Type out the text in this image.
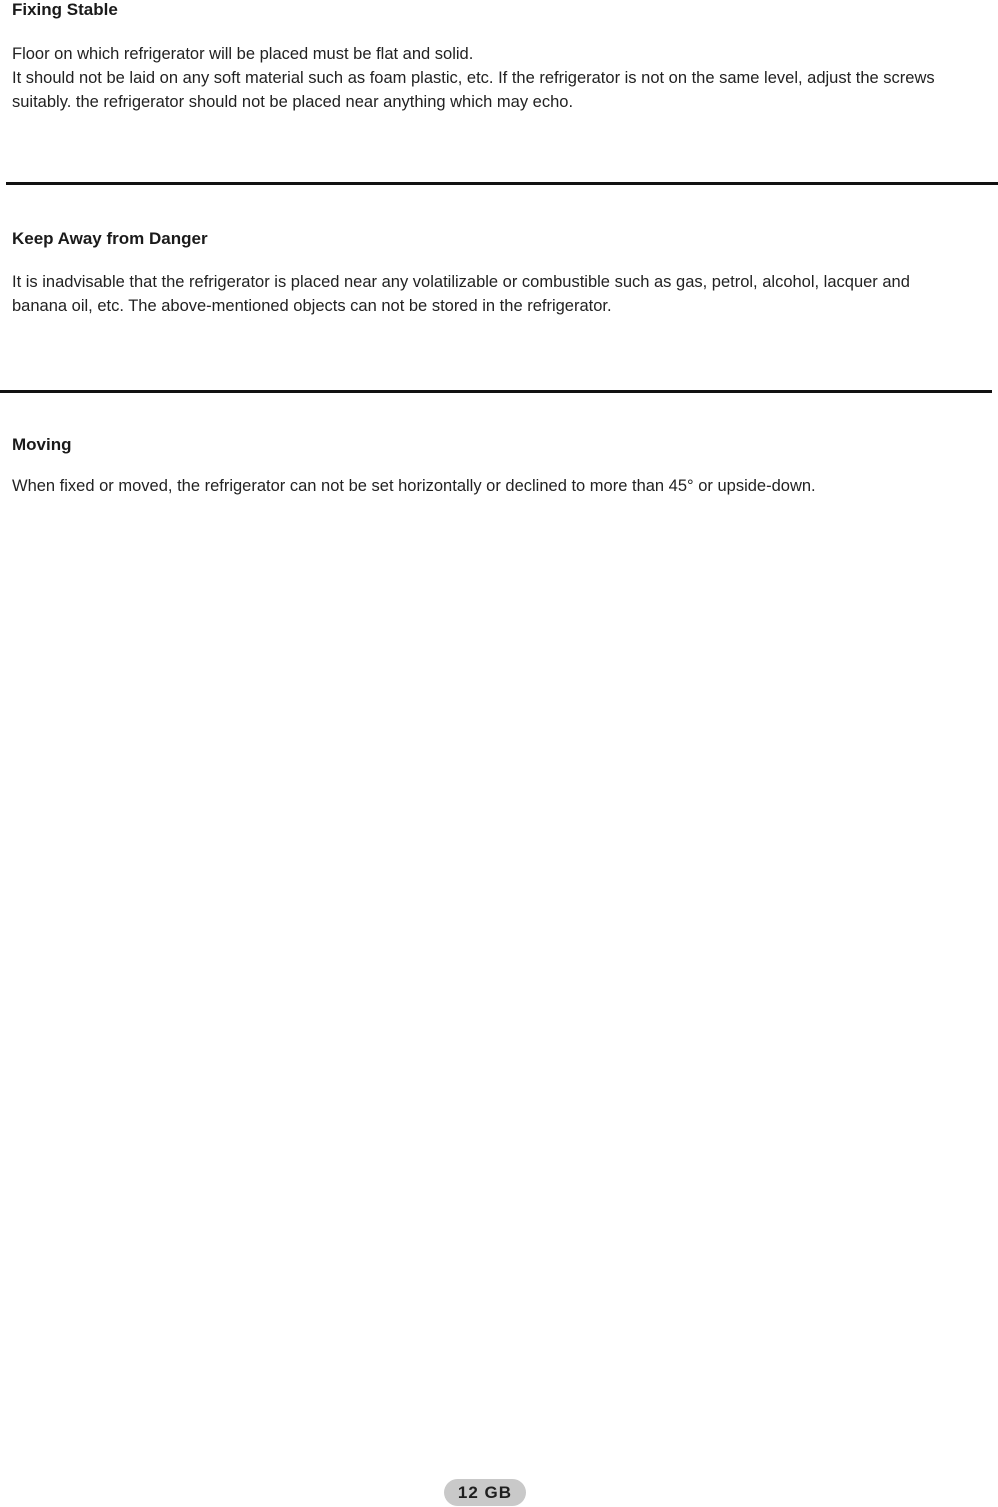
Fixing Stable

Floor on which refrigerator will be placed must be flat and solid.

It should not be laid on any soft material such as foam plastic, etc. If the refrigerator is not on the same level, adjust the screws suitably. the refrigerator should not be placed near anything which may echo.

Keep Away from Danger

It is inadvisable that the refrigerator is placed near any volatilizable or combustible such as gas, petrol, alcohol, lacquer and banana oil, etc. The above-mentioned objects can not be stored in the refrigerator.

Moving

When fixed or moved, the refrigerator can not be set horizontally or declined to more than 45° or upside-down.

12 GB
